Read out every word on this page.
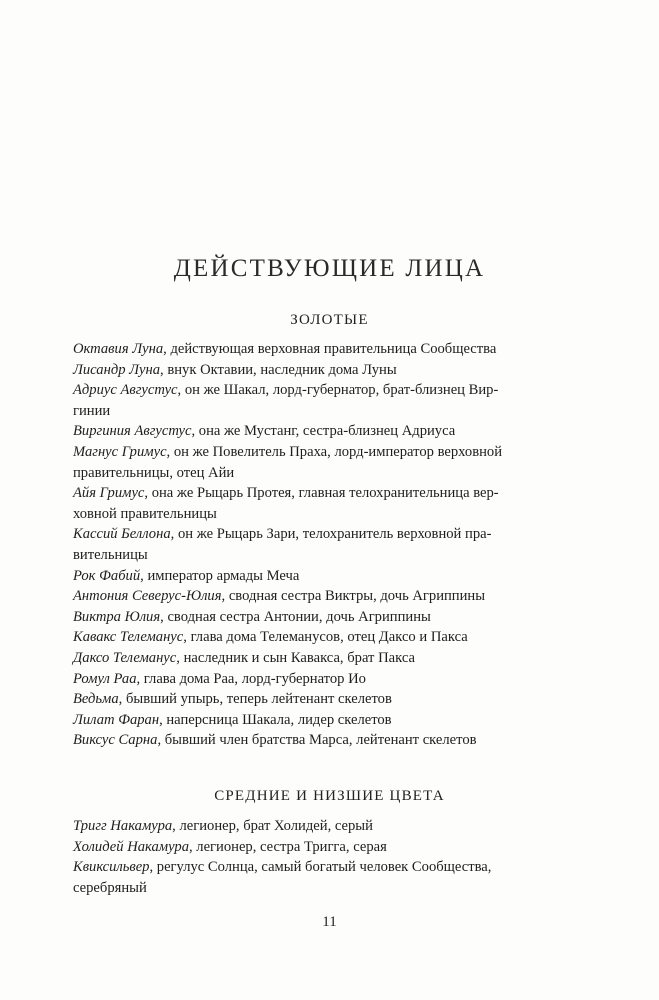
ДЕЙСТВУЮЩИЕ ЛИЦА
ЗОЛОТЫЕ
Октавия Луна, действующая верховная правительница Сообщества
Лисандр Луна, внук Октавии, наследник дома Луны
Адриус Августус, он же Шакал, лорд-губернатор, брат-близнец Вир-
гинии
Виргиния Августус, она же Мустанг, сестра-близнец Адриуса
Магнус Гримус, он же Повелитель Праха, лорд-император верховной
правительницы, отец Айи
Айя Гримус, она же Рыцарь Протея, главная телохранительница вер-
ховной правительницы
Кассий Беллона, он же Рыцарь Зари, телохранитель верховной пра-
вительницы
Рок Фабий, император армады Меча
Антония Северус-Юлия, сводная сестра Виктры, дочь Агриппины
Виктра Юлия, сводная сестра Антонии, дочь Агриппины
Кавакс Телеманус, глава дома Телеманусов, отец Даксо и Пакса
Даксо Телеманус, наследник и сын Кавакса, брат Пакса
Ромул Раа, глава дома Раа, лорд-губернатор Ио
Ведьма, бывший упырь, теперь лейтенант скелетов
Лилат Фаран, наперсница Шакала, лидер скелетов
Виксус Сарна, бывший член братства Марса, лейтенант скелетов
СРЕДНИЕ И НИЗШИЕ ЦВЕТА
Тригг Накамура, легионер, брат Холидей, серый
Холидей Накамура, легионер, сестра Тригга, серая
Квиксильвер, регулус Солнца, самый богатый человек Сообщества,
серебряный
11
